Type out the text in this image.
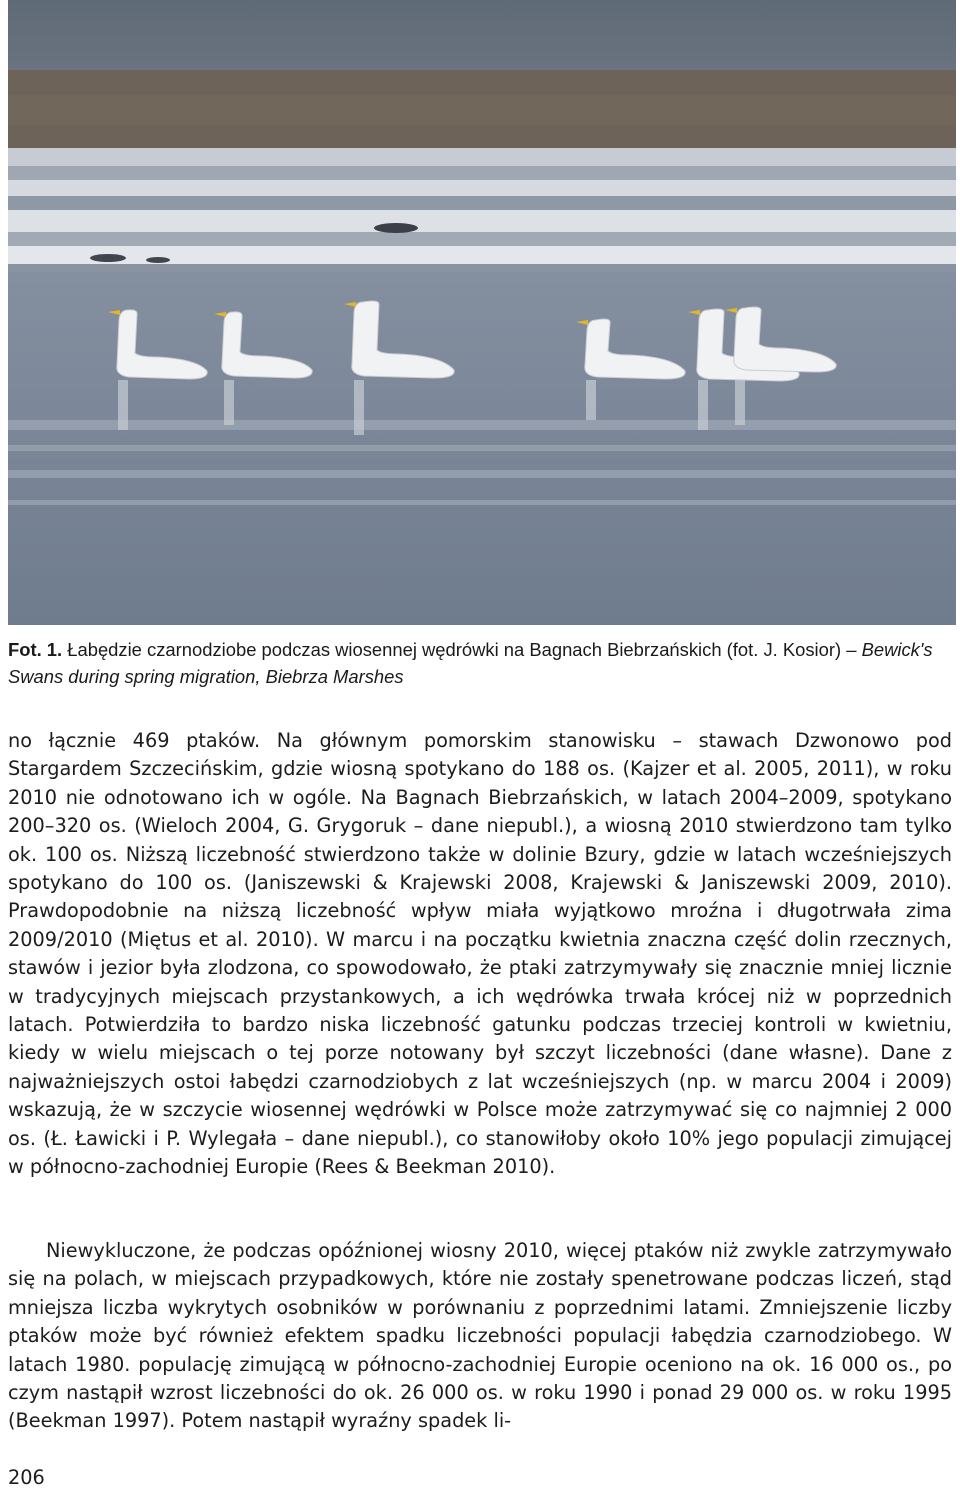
Fot. 1. Łabędzie czarnodziobe podczas wiosennej wędrówki na Bagnach Biebrzańskich (fot. J. Kosior) – Bewick's Swans during spring migration, Biebrza Marshes

no łącznie 469 ptaków. Na głównym pomorskim stanowisku – stawach Dzwonowo pod Stargardem Szczecińskim, gdzie wiosną spotykano do 188 os. (Kajzer et al. 2005, 2011), w roku 2010 nie odnotowano ich w ogóle. Na Bagnach Biebrzańskich, w latach 2004–2009, spotykano 200–320 os. (Wieloch 2004, G. Grygoruk – dane niepubl.), a wiosną 2010 stwierdzono tam tylko ok. 100 os. Niższą liczebność stwierdzono także w dolinie Bzury, gdzie w latach wcześniejszych spotykano do 100 os. (Janiszewski & Krajewski 2008, Krajewski & Janiszewski 2009, 2010). Prawdopodobnie na niższą liczebność wpływ miała wyjątkowo mroźna i długotrwała zima 2009/2010 (Miętus et al. 2010). W marcu i na początku kwietnia znaczna część dolin rzecznych, stawów i jezior była zlodzona, co spowodowało, że ptaki zatrzymywały się znacznie mniej licznie w tradycyjnych miejscach przystankowych, a ich wędrówka trwała krócej niż w poprzednich latach. Potwierdziła to bardzo niska liczebność gatunku podczas trzeciej kontroli w kwietniu, kiedy w wielu miejscach o tej porze notowany był szczyt liczebności (dane własne). Dane z najważniejszych ostoi łabędzi czarnodziobych z lat wcześniejszych (np. w marcu 2004 i 2009) wskazują, że w szczycie wiosennej wędrówki w Polsce może zatrzymywać się co najmniej 2 000 os. (Ł. Ławicki i P. Wylegała – dane niepubl.), co stanowiłoby około 10% jego populacji zimującej w północno-zachodniej Europie (Rees & Beekman 2010).

Niewykluczone, że podczas opóźnionej wiosny 2010, więcej ptaków niż zwykle zatrzymywało się na polach, w miejscach przypadkowych, które nie zostały spenetrowane podczas liczeń, stąd mniejsza liczba wykrytych osobników w porównaniu z poprzednimi latami. Zmniejszenie liczby ptaków może być również efektem spadku liczebności populacji łabędzia czarnodziobego. W latach 1980. populację zimującą w północno-zachodniej Europie oceniono na ok. 16 000 os., po czym nastąpił wzrost liczebności do ok. 26 000 os. w roku 1990 i ponad 29 000 os. w roku 1995 (Beekman 1997). Potem nastąpił wyraźny spadek li-

206
